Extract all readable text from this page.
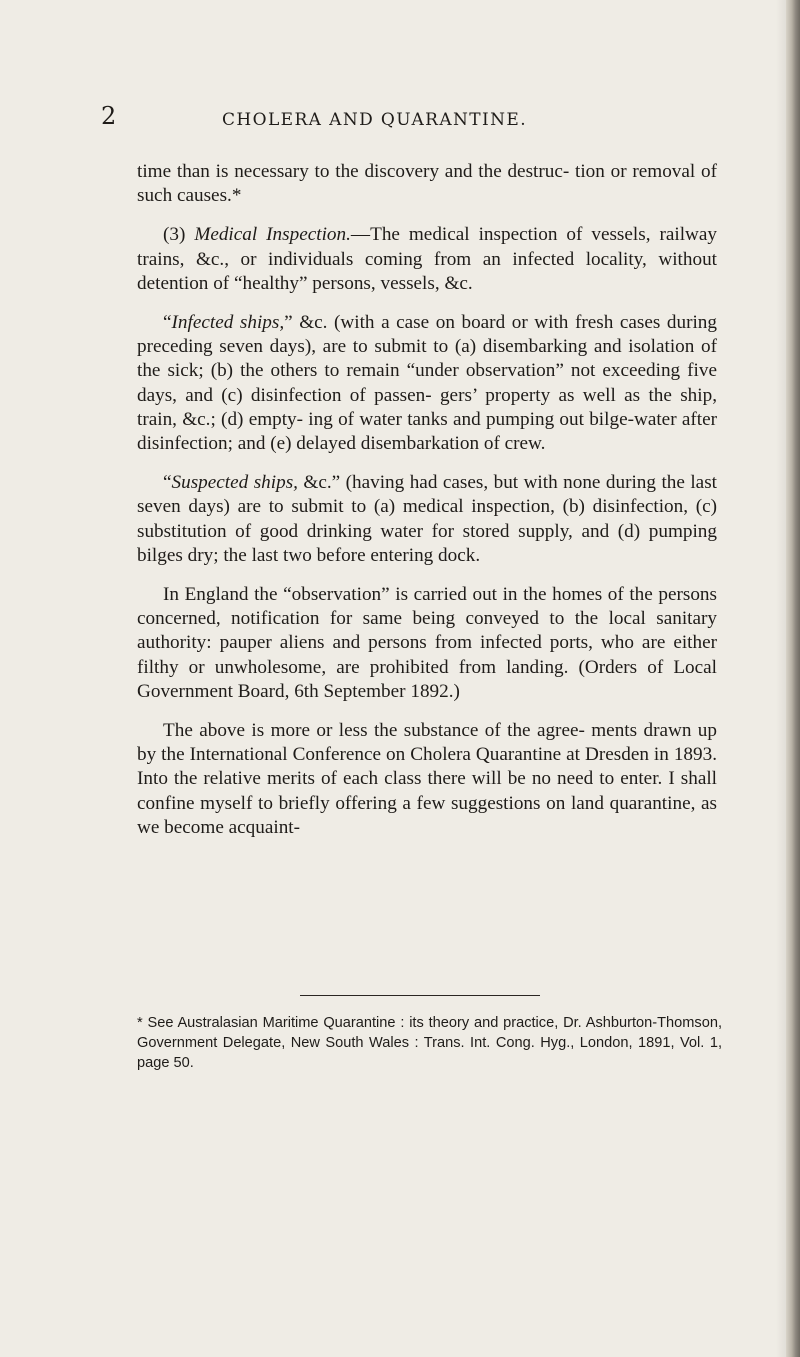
2	CHOLERA AND QUARANTINE.

time than is necessary to the discovery and the destruc- tion or removal of such causes.*

(3) Medical Inspection.—The medical inspection of vessels, railway trains, &c., or individuals coming from an infected locality, without detention of “healthy” persons, vessels, &c.

“Infected ships,” &c. (with a case on board or with fresh cases during preceding seven days), are to submit to (a) disembarking and isolation of the sick; (b) the others to remain “under observation” not exceeding five days, and (c) disinfection of passen- gers’ property as well as the ship, train, &c.; (d) empty- ing of water tanks and pumping out bilge-water after disinfection; and (e) delayed disembarkation of crew.

“Suspected ships, &c.” (having had cases, but with none during the last seven days) are to submit to (a) medical inspection, (b) disinfection, (c) substitution of good drinking water for stored supply, and (d) pumping bilges dry; the last two before entering dock.

In England the “observation” is carried out in the homes of the persons concerned, notification for same being conveyed to the local sanitary authority: pauper aliens and persons from infected ports, who are either filthy or unwholesome, are prohibited from landing. (Orders of Local Government Board, 6th September 1892.)

The above is more or less the substance of the agree- ments drawn up by the International Conference on Cholera Quarantine at Dresden in 1893. Into the relative merits of each class there will be no need to enter. I shall confine myself to briefly offering a few suggestions on land quarantine, as we become acquaint-

* See Australasian Maritime Quarantine : its theory and practice, Dr. Ashburton-Thomson, Government Delegate, New South Wales : Trans. Int. Cong. Hyg., London, 1891, Vol. 1, page 50.
